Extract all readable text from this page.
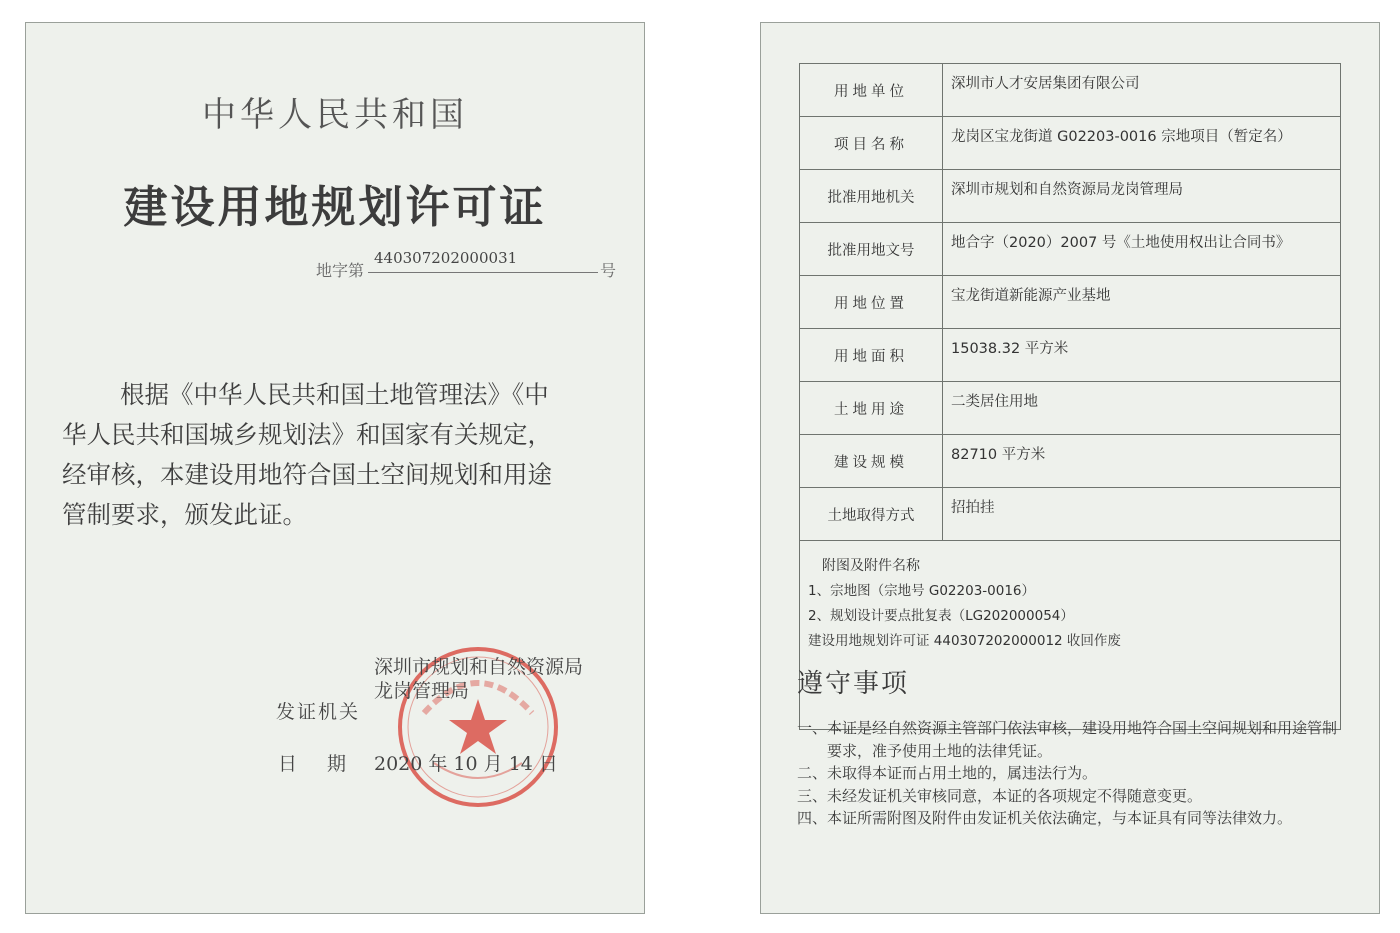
中华人民共和国
建设用地规划许可证
地字第
440307202000031
号
根据《中华人民共和国土地管理法》《中
华人民共和国城乡规划法》和国家有关规定，
经审核，本建设用地符合国土空间规划和用途
管制要求，颁发此证。
深圳市规划和自然资源局
龙岗管理局
发证机关
日 期 2020 年 10 月 14 日
用地单位	深圳市人才安居集团有限公司
项目名称	龙岗区宝龙街道 G02203-0016 宗地项目（暂定名）
批准用地机关	深圳市规划和自然资源局龙岗管理局
批准用地文号	地合字（2020）2007 号《土地使用权出让合同书》
用地位置	宝龙街道新能源产业基地
用地面积	15038.32 平方米
土地用途	二类居住用地
建设规模	82710 平方米
土地取得方式	招拍挂

附图及附件名称
1、宗地图（宗地号 G02203-0016）
2、规划设计要点批复表（LG202000054）
建设用地规划许可证 440307202000012 收回作废	
遵守事项
一、 本证是经自然资源主管部门依法审核，建设用地符合国土空间规划和用途管制要求，准予使用土地的法律凭证。
二、 未取得本证而占用土地的，属违法行为。
三、 未经发证机关审核同意，本证的各项规定不得随意变更。
四、 本证所需附图及附件由发证机关依法确定，与本证具有同等法律效力。
